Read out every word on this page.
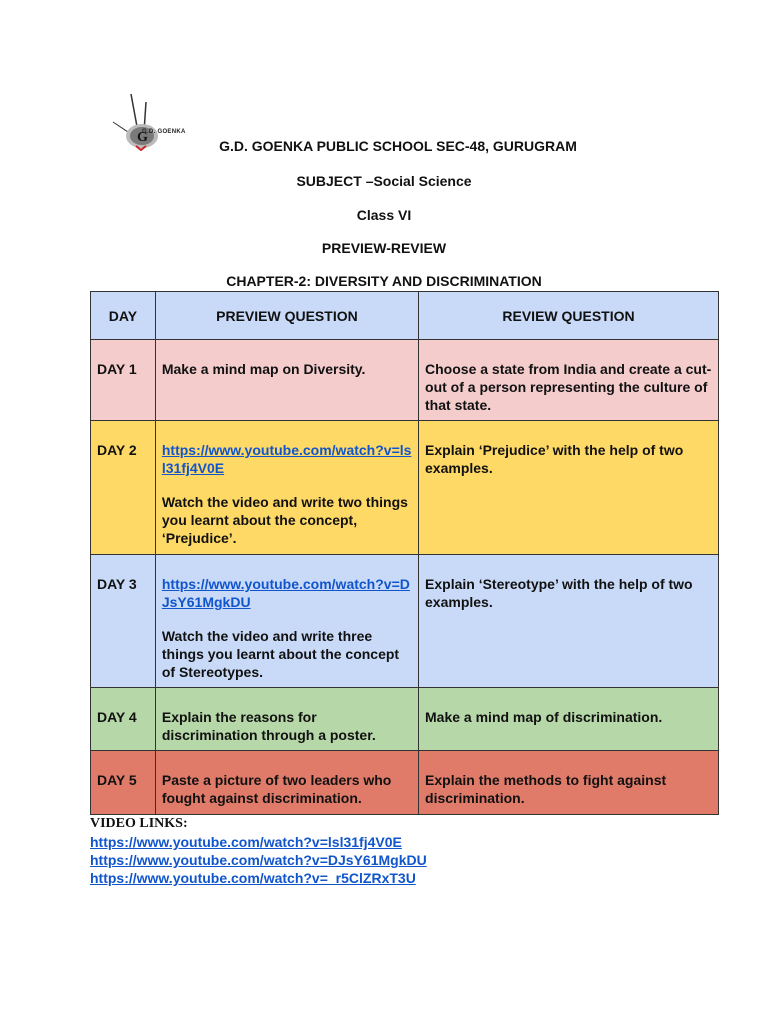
G
G.D. GOENKA
G.D. GOENKA PUBLIC SCHOOL SEC-48, GURUGRAM
SUBJECT –Social Science
Class VI
PREVIEW-REVIEW
CHAPTER-2: DIVERSITY AND DISCRIMINATION
DAY	PREVIEW QUESTION	REVIEW QUESTION
DAY 1	Make a mind map on Diversity.	Choose a state from India and create a cut-out of a person representing the culture of that state.
DAY 2	https://www.youtube.com/watch?v=lsl31fj4V0E
Watch the video and write two things you learnt about the concept, ‘Prejudice’.	Explain ‘Prejudice’ with the help of two examples.
DAY 3	https://www.youtube.com/watch?v=DJsY61MgkDU
Watch the video and write three things you learnt about the concept of Stereotypes.	Explain ‘Stereotype’ with the help of two examples.
DAY 4	Explain the reasons for discrimination through a poster.	Make a mind map of discrimination.
DAY 5	Paste a picture of two leaders who fought against discrimination.	Explain the methods to fight against discrimination.
VIDEO LINKS:
https://www.youtube.com/watch?v=lsl31fj4V0E
https://www.youtube.com/watch?v=DJsY61MgkDU
https://www.youtube.com/watch?v=_r5ClZRxT3U
